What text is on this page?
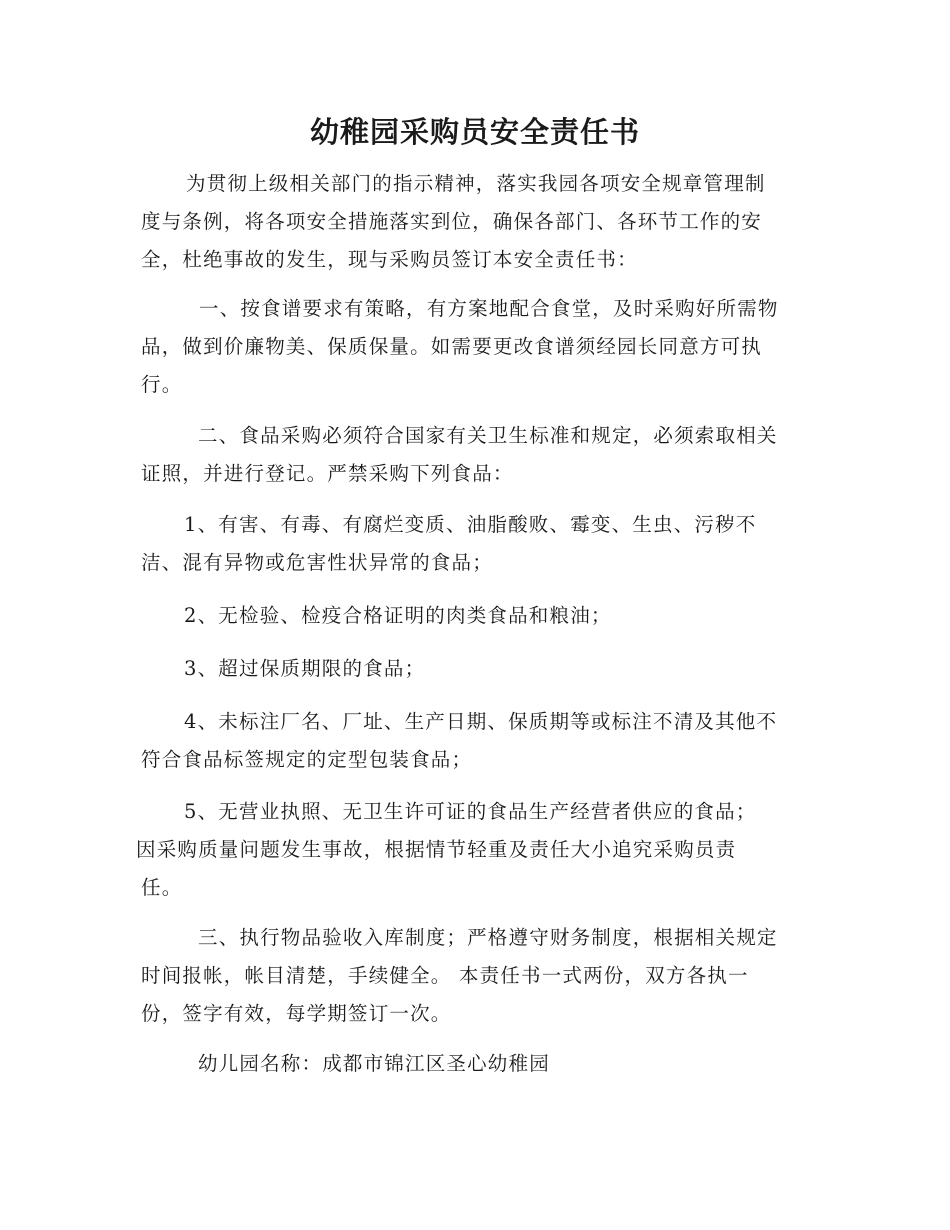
幼稚园采购员安全责任书
为贯彻上级相关部门的指示精神，落实我园各项安全规章管理制
度与条例，将各项安全措施落实到位，确保各部门、各环节工作的安
全，杜绝事故的发生，现与采购员签订本安全责任书：
一、按食谱要求有策略，有方案地配合食堂，及时采购好所需物
品，做到价廉物美、保质保量。如需要更改食谱须经园长同意方可执
行。
二、食品采购必须符合国家有关卫生标准和规定，必须索取相关
证照，并进行登记。严禁采购下列食品：
1、有害、有毒、有腐烂变质、油脂酸败、霉变、生虫、污秽不
洁、混有异物或危害性状异常的食品；
2、无检验、检疫合格证明的肉类食品和粮油；
3、超过保质期限的食品；
4、未标注厂名、厂址、生产日期、保质期等或标注不清及其他不
符合食品标签规定的定型包装食品；
5、无营业执照、无卫生许可证的食品生产经营者供应的食品；
因采购质量问题发生事故，根据情节轻重及责任大小追究采购员责
任。
三、执行物品验收入库制度；严格遵守财务制度，根据相关规定
时间报帐，帐目清楚，手续健全。 本责任书一式两份，双方各执一
份，签字有效，每学期签订一次。
幼儿园名称：成都市锦江区圣心幼稚园
